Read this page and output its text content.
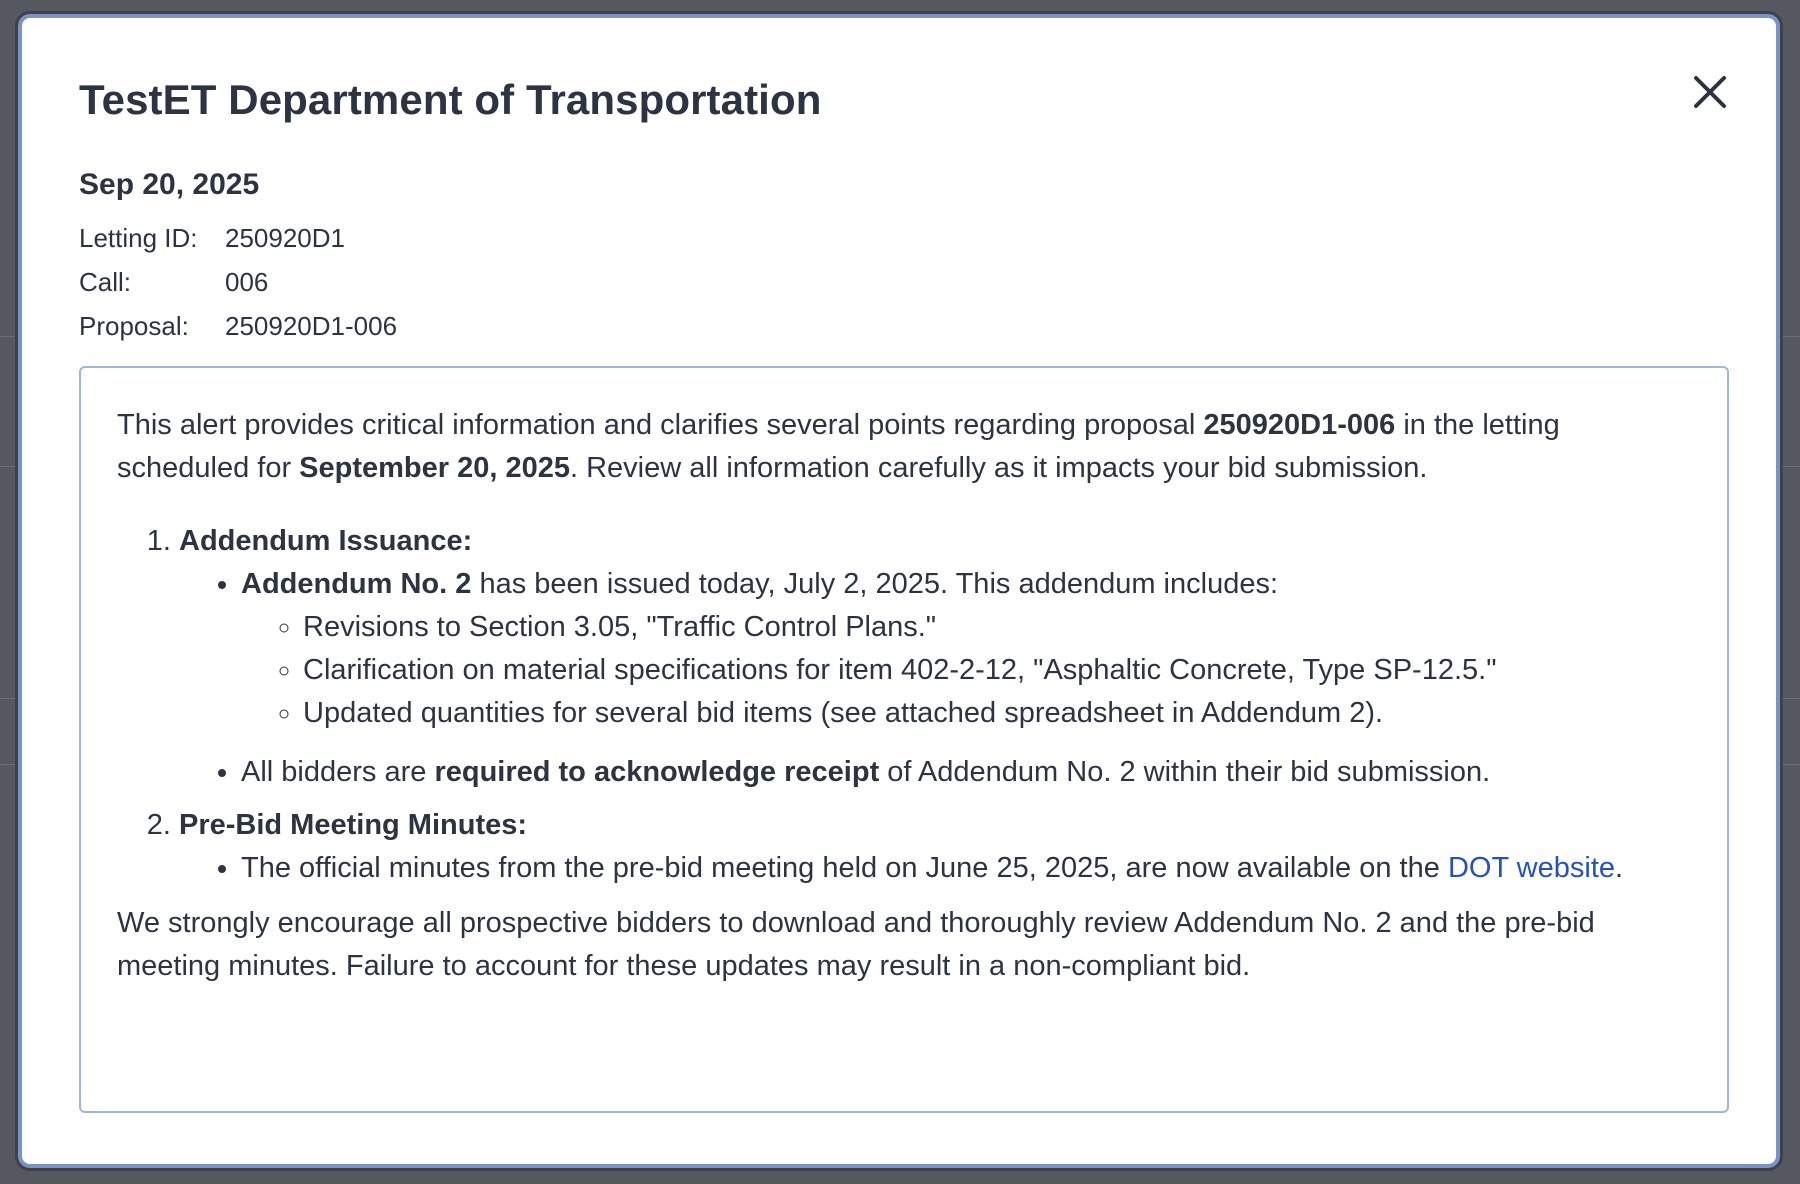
TestET Department of Transportation
Sep 20, 2025
Letting ID:	250920D1
Call:	006
Proposal:	250920D1-006

This alert provides critical information and clarifies several points regarding proposal 250920D1-006 in the letting scheduled for September 20, 2025. Review all information carefully as it impacts your bid submission.

1. Addendum Issuance:
• Addendum No. 2 has been issued today, July 2, 2025. This addendum includes:
◦ Revisions to Section 3.05, "Traffic Control Plans."
◦ Clarification on material specifications for item 402-2-12, "Asphaltic Concrete, Type SP-12.5."
◦ Updated quantities for several bid items (see attached spreadsheet in Addendum 2).
• All bidders are required to acknowledge receipt of Addendum No. 2 within their bid submission.
2. Pre-Bid Meeting Minutes:
• The official minutes from the pre-bid meeting held on June 25, 2025, are now available on the DOT website.

We strongly encourage all prospective bidders to download and thoroughly review Addendum No. 2 and the pre-bid meeting minutes. Failure to account for these updates may result in a non-compliant bid.
